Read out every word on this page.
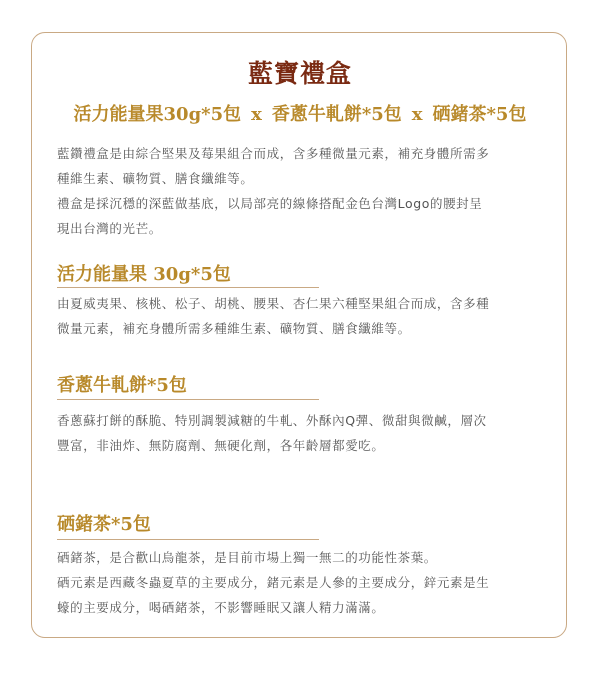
藍寶禮盒
活力能量果30g*5包 x 香蔥牛軋餅*5包 x 硒鍺茶*5包

藍鑽禮盒是由綜合堅果及莓果組合而成，含多種微量元素，補充身體所需多

種維生素、礦物質、膳食纖維等。

禮盒是採沉穩的深藍做基底，以局部亮的線條搭配金色台灣Logo的腰封呈

現出台灣的光芒。

活力能量果 30g*5包

由夏威夷果、核桃、松子、胡桃、腰果、杏仁果六種堅果組合而成，含多種

微量元素，補充身體所需多種維生素、礦物質、膳食纖維等。

香蔥牛軋餅*5包

香蔥蘇打餅的酥脆、特別調製減糖的牛軋、外酥內Q彈、微甜與微鹹，層次

豐富，非油炸、無防腐劑、無硬化劑，各年齡層都愛吃。

硒鍺茶*5包

硒鍺茶，是合歡山烏龍茶，是目前市場上獨一無二的功能性茶葉。

硒元素是西藏冬蟲夏草的主要成分，鍺元素是人參的主要成分，鋅元素是生

蠔的主要成分，喝硒鍺茶，不影響睡眠又讓人精力滿滿。
